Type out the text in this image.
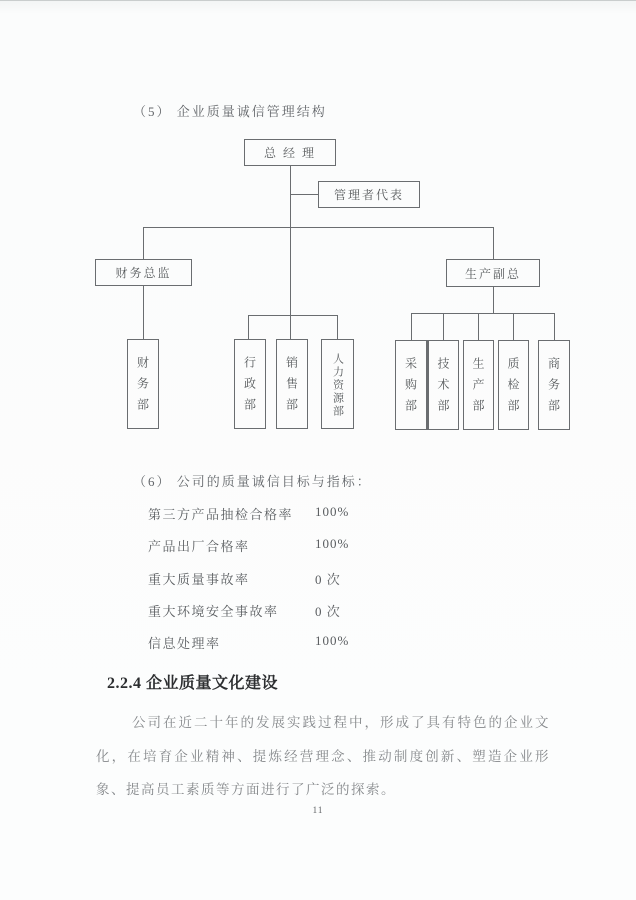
（5） 企业质量诚信管理结构
总 经 理
管理者代表
财务总监	生产副总
财务部	行政部	销售部	人力资源部	采购部	技术部	生产部	质检部	商务部
（6） 公司的质量诚信目标与指标：
第三方产品抽检合格率 100%
产品出厂合格率	100%
重大质量事故率	0 次
重大环境安全事故率	0 次
信息处理率	100%
2.2.4 企业质量文化建设
公司在近二十年的发展实践过程中，形成了具有特色的企业文化，在培育企业精神、提炼经营理念、推动制度创新、塑造企业形象、提高员工素质等方面进行了广泛的探索。
11
